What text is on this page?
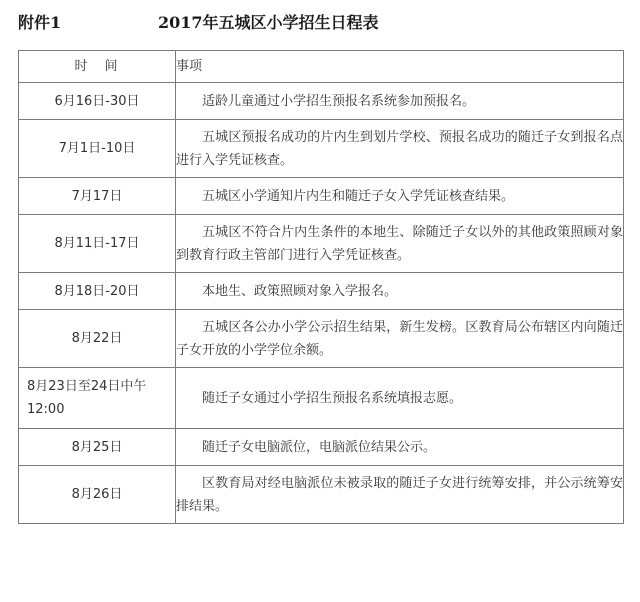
附件1	2017年五城区小学招生日程表
时　间	事项
6月16日-30日	适龄儿童通过小学招生预报名系统参加预报名。
7月1日-10日	五城区预报名成功的片内生到划片学校、预报名成功的随迁子女到报名点进行入学凭证核查。
7月17日	五城区小学通知片内生和随迁子女入学凭证核查结果。
8月11日-17日	五城区不符合片内生条件的本地生、除随迁子女以外的其他政策照顾对象到教育行政主管部门进行入学凭证核查。
8月18日-20日	本地生、政策照顾对象入学报名。
8月22日	五城区各公办小学公示招生结果，新生发榜。区教育局公布辖区内向随迁子女开放的小学学位余额。
8月23日至24日中午12:00	随迁子女通过小学招生预报名系统填报志愿。
8月25日	随迁子女电脑派位，电脑派位结果公示。
8月26日	区教育局对经电脑派位未被录取的随迁子女进行统筹安排，并公示统筹安排结果。
